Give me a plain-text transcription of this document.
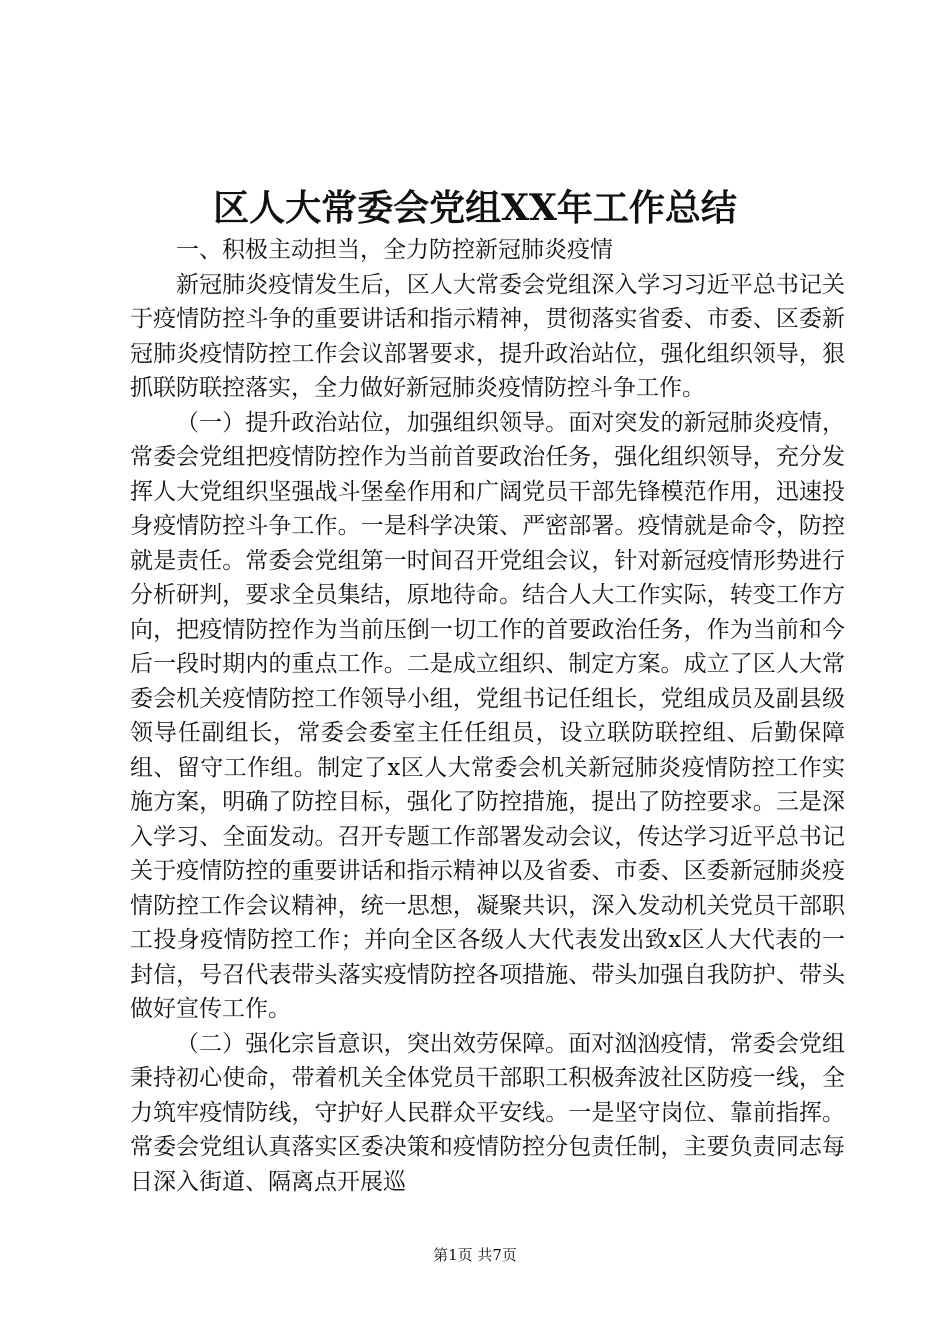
区人大常委会党组XX年工作总结

一、积极主动担当，全力防控新冠肺炎疫情

新冠肺炎疫情发生后，区人大常委会党组深入学习习近平总书记关于疫情防控斗争的重要讲话和指示精神，贯彻落实省委、市委、区委新冠肺炎疫情防控工作会议部署要求，提升政治站位，强化组织领导，狠抓联防联控落实，全力做好新冠肺炎疫情防控斗争工作。

（一）提升政治站位，加强组织领导。面对突发的新冠肺炎疫情，常委会党组把疫情防控作为当前首要政治任务，强化组织领导，充分发挥人大党组织坚强战斗堡垒作用和广阔党员干部先锋模范作用，迅速投身疫情防控斗争工作。一是科学决策、严密部署。疫情就是命令，防控就是责任。常委会党组第一时间召开党组会议，针对新冠疫情形势进行分析研判，要求全员集结，原地待命。结合人大工作实际，转变工作方向，把疫情防控作为当前压倒一切工作的首要政治任务，作为当前和今后一段时期内的重点工作。二是成立组织、制定方案。成立了区人大常委会机关疫情防控工作领导小组，党组书记任组长，党组成员及副县级领导任副组长，常委会委室主任任组员，设立联防联控组、后勤保障组、留守工作组。制定了x区人大常委会机关新冠肺炎疫情防控工作实施方案，明确了防控目标，强化了防控措施，提出了防控要求。三是深入学习、全面发动。召开专题工作部署发动会议，传达学习近平总书记关于疫情防控的重要讲话和指示精神以及省委、市委、区委新冠肺炎疫情防控工作会议精神，统一思想，凝聚共识，深入发动机关党员干部职工投身疫情防控工作；并向全区各级人大代表发出致x区人大代表的一封信，号召代表带头落实疫情防控各项措施、带头加强自我防护、带头做好宣传工作。

（二）强化宗旨意识，突出效劳保障。面对汹汹疫情，常委会党组秉持初心使命，带着机关全体党员干部职工积极奔波社区防疫一线，全力筑牢疫情防线，守护好人民群众平安线。一是坚守岗位、靠前指挥。常委会党组认真落实区委决策和疫情防控分包责任制，主要负责同志每日深入街道、隔离点开展巡

第1页 共7页
